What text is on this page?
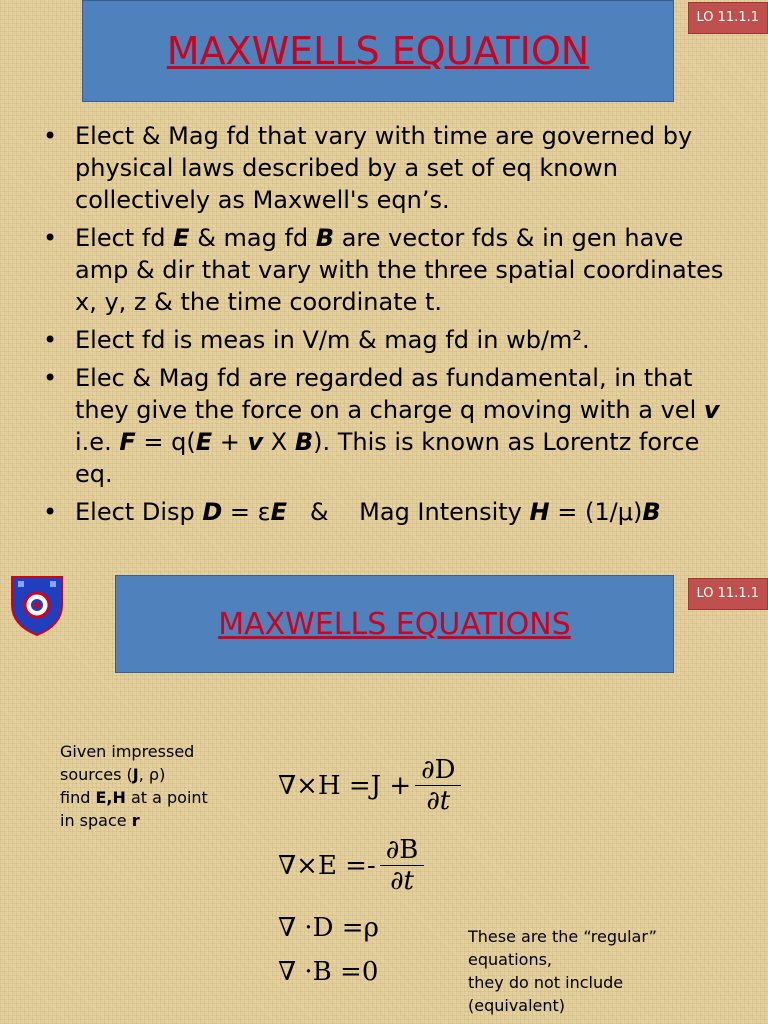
MAXWELLS EQUATION
LO 11.1.1
• Elect & Mag fd that vary with time are governed by physical laws described by a set of eq known collectively as Maxwell's eqn’s.
• Elect fd E & mag fd B are vector fds & in gen have amp & dir that vary with the three spatial coordinates x, y, z & the time coordinate t.
• Elect fd is meas in V/m & mag fd in wb/m².
• Elec & Mag fd are regarded as fundamental, in that they give the force on a charge q moving with a vel v i.e. F = q(E + v X B). This is known as Lorentz force eq.
• Elect Disp D = εE   &    Mag Intensity H = (1/μ)B
MAXWELLS EQUATIONS
LO 11.1.1
Given impressed
sources (J, ρ)
find E,H at a point
in space r
$\nabla\times H =J + \frac{\partial D}{\partial t}$
$\nabla\times E =- \frac{\partial B}{\partial t}$
∇ ·D =ρ
∇ ·B =0
These are the “regular”
equations,
they do not include
(equivalent)
